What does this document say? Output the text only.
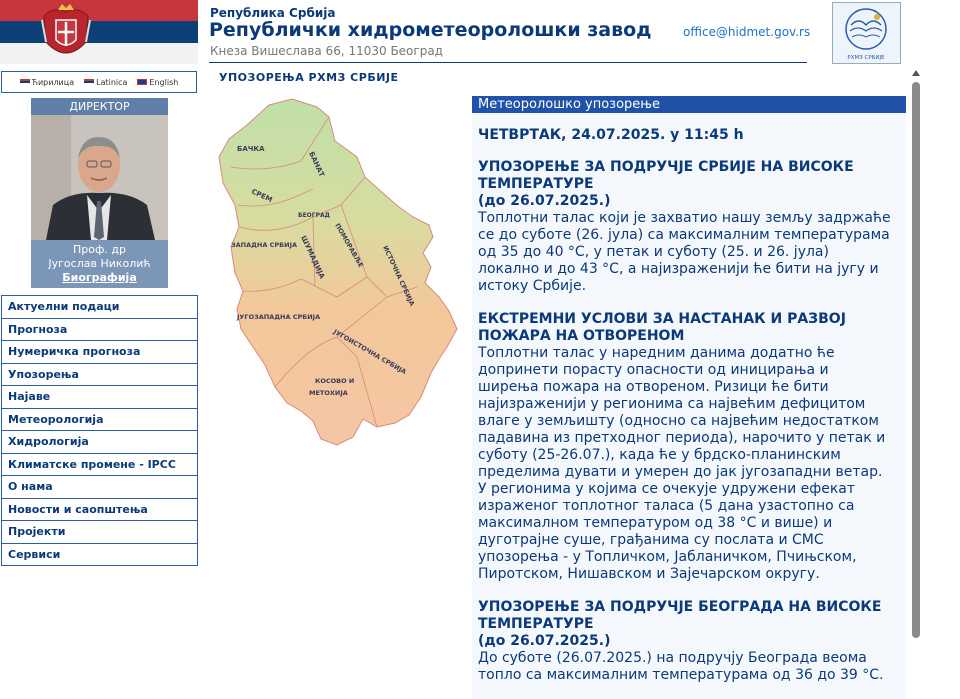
Република Србија
Републички хидрометеоролошки завод
Кнеза Вишеслава 66, 11030 Београд
office@hidmet.gov.rs
РХМЗ СРБИЈЕ
Ћирилица	Latinica	English
ДИРЕКТОР
Проф. др
Југослав Николић
Биографија
Актуелни подаци
Прогноза
Нумеричка прогноза
Упозорења
Најаве
Метеорологија
Хидрологија
Климатске промене - IPCC
О нама
Новости и саопштења
Пројекти
Сервиси
УПОЗОРЕЊА РХМЗ СРБИЈЕ
БАЧКА
БАНАТ
СРЕМ
БЕОГРАД
ЗАПАДНА СРБИЈА ШУМАДИЈА ПОМОРАВЉЕ ИСТОЧНА СРБИЈА
ЈУГОЗАПАДНА СРБИЈА
ЈУГОИСТОЧНА СРБИЈА
КОСОВО И
МЕТОХИЈА
Метеоролошко упозорење
ЧЕТВРТАК, 24.07.2025. у 11:45 h
УПОЗОРЕЊЕ ЗА ПОДРУЧЈЕ СРБИЈЕ НА ВИСОКЕ ТЕМПЕРАТУРЕ
(до 26.07.2025.)
Топлотни талас који је захватио нашу земљу задржаће се до суботе (26. јула) са максималним температурама од 35 до 40 °C, у петак и суботу (25. и 26. јула) локално и до 43 °C, а најизраженији ће бити на југу и истоку Србије.
ЕКСТРЕМНИ УСЛОВИ ЗА НАСТАНАК И РАЗВОЈ ПОЖАРА НА ОТВОРЕНОМ
Топлотни талас у наредним данима додатно ће допринети порасту опасности од иницирања и ширења пожара на отвореном. Ризици ће бити најизраженији у регионима са највећим дефицитом влаге у земљишту (односно са највећим недостатком падавина из претходног периода), нарочито у петак и суботу (25-26.07.), када ће у брдско-планинским пределима дувати и умерен до јак југозападни ветар. У регионима у којима се очекује удружени ефекат израженог топлотног таласа (5 дана узастопно са максималном температуром од 38 °C и више) и дуготрајне суше, грађанима су послата и СМС упозорења - у Топличком, Јабланичком, Пчињском, Пиротском, Нишавском и Зајечарском округу.
УПОЗОРЕЊЕ ЗА ПОДРУЧЈЕ БЕОГРАДА НА ВИСОКЕ ТЕМПЕРАТУРЕ
(до 26.07.2025.)
До суботе (26.07.2025.) на подручју Београда веома топло са максималним температурама од 36 до 39 °C.
